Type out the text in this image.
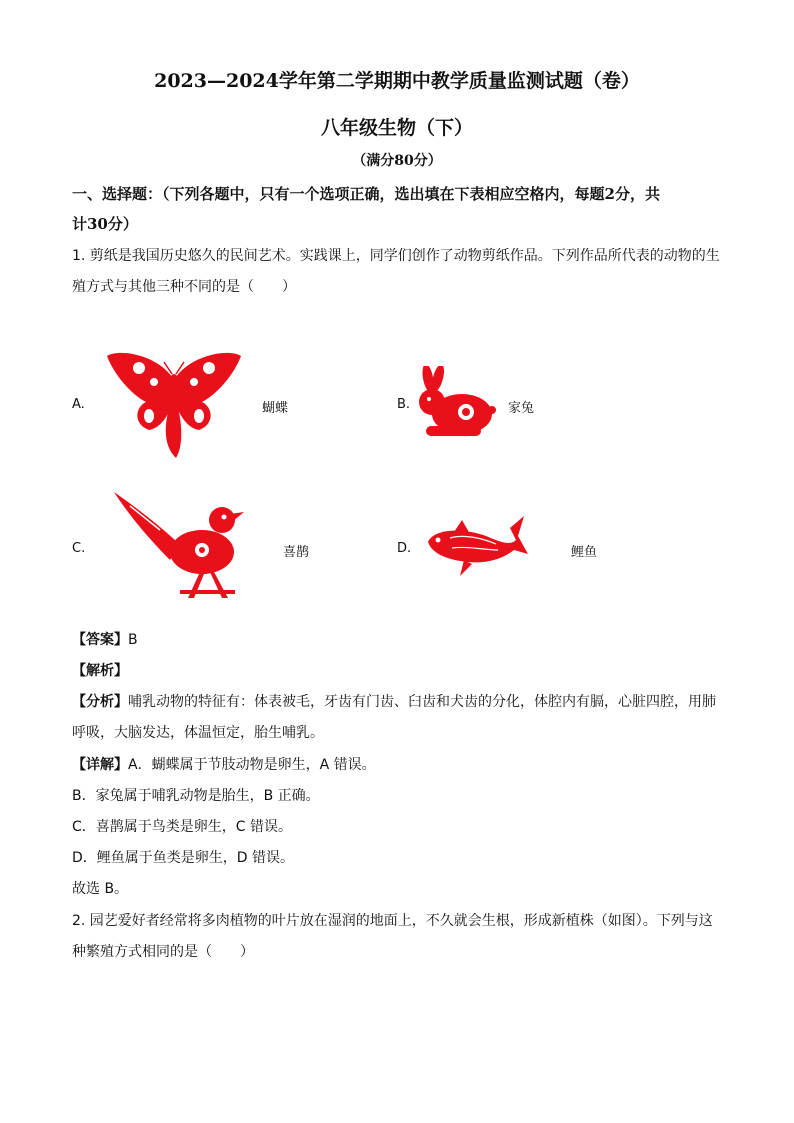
2023—2024学年第二学期期中教学质量监测试题（卷）
八年级生物（下）
（满分80分）
一、选择题：（下列各题中，只有一个选项正确，选出填在下表相应空格内，每题2分，共
计30分）
1. 剪纸是我国历史悠久的民间艺术。实践课上，同学们创作了动物剪纸作品。下列作品所代表的动物的生
殖方式与其他三种不同的是（　　）
A.	蝴蝶	B.	家兔
C.	喜鹊	D.	鲤鱼
【答案】B
【解析】
【分析】哺乳动物的特征有：体表被毛，牙齿有门齿、臼齿和犬齿的分化，体腔内有膈，心脏四腔，用肺
呼吸，大脑发达，体温恒定，胎生哺乳。
【详解】A．蝴蝶属于节肢动物是卵生，A 错误。
B．家兔属于哺乳动物是胎生，B 正确。
C．喜鹊属于鸟类是卵生，C 错误。
D．鲤鱼属于鱼类是卵生，D 错误。
故选 B。
2. 园艺爱好者经常将多肉植物的叶片放在湿润的地面上，不久就会生根，形成新植株（如图）。下列与这
种繁殖方式相同的是（　　）
